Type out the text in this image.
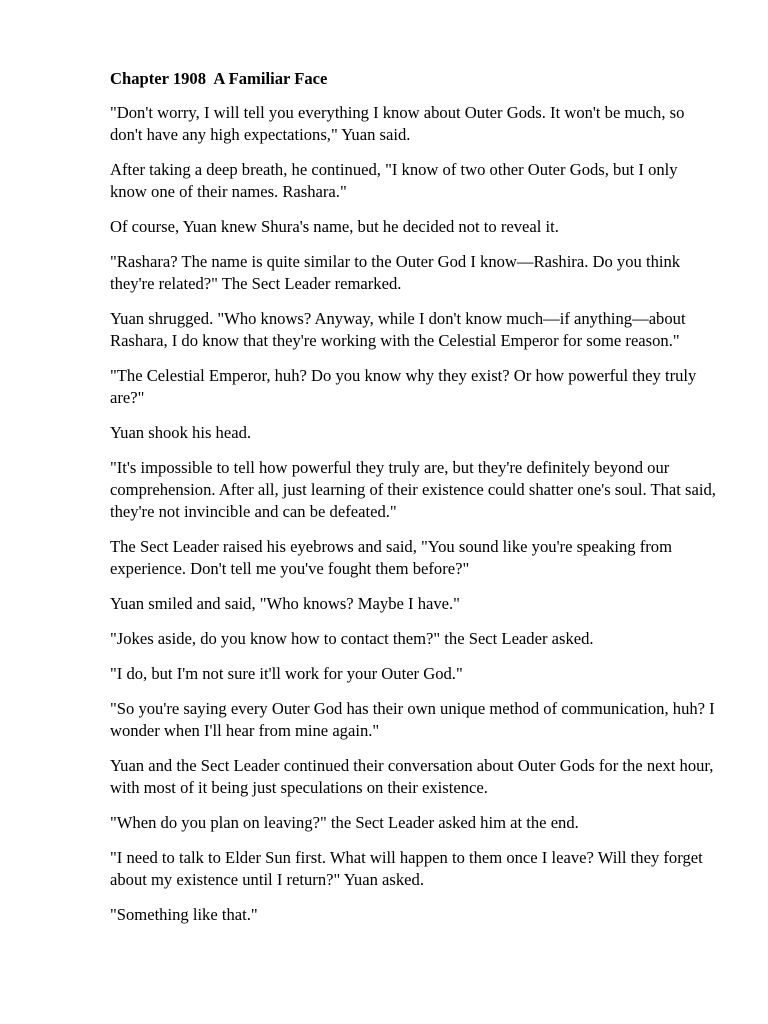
Chapter 1908  A Familiar Face

"Don't worry, I will tell you everything I know about Outer Gods. It won't be much, so don't have any high expectations," Yuan said.

After taking a deep breath, he continued, "I know of two other Outer Gods, but I only know one of their names. Rashara."

Of course, Yuan knew Shura's name, but he decided not to reveal it.

"Rashara? The name is quite similar to the Outer God I know—Rashira. Do you think they're related?" The Sect Leader remarked.

Yuan shrugged. "Who knows? Anyway, while I don't know much—if anything—about Rashara, I do know that they're working with the Celestial Emperor for some reason."

"The Celestial Emperor, huh? Do you know why they exist? Or how powerful they truly are?"

Yuan shook his head.

"It's impossible to tell how powerful they truly are, but they're definitely beyond our comprehension. After all, just learning of their existence could shatter one's soul. That said, they're not invincible and can be defeated."

The Sect Leader raised his eyebrows and said, "You sound like you're speaking from experience. Don't tell me you've fought them before?"

Yuan smiled and said, "Who knows? Maybe I have."

"Jokes aside, do you know how to contact them?" the Sect Leader asked.

"I do, but I'm not sure it'll work for your Outer God."

"So you're saying every Outer God has their own unique method of communication, huh? I wonder when I'll hear from mine again."

Yuan and the Sect Leader continued their conversation about Outer Gods for the next hour, with most of it being just speculations on their existence.

"When do you plan on leaving?" the Sect Leader asked him at the end.

"I need to talk to Elder Sun first. What will happen to them once I leave? Will they forget about my existence until I return?" Yuan asked.

"Something like that."
